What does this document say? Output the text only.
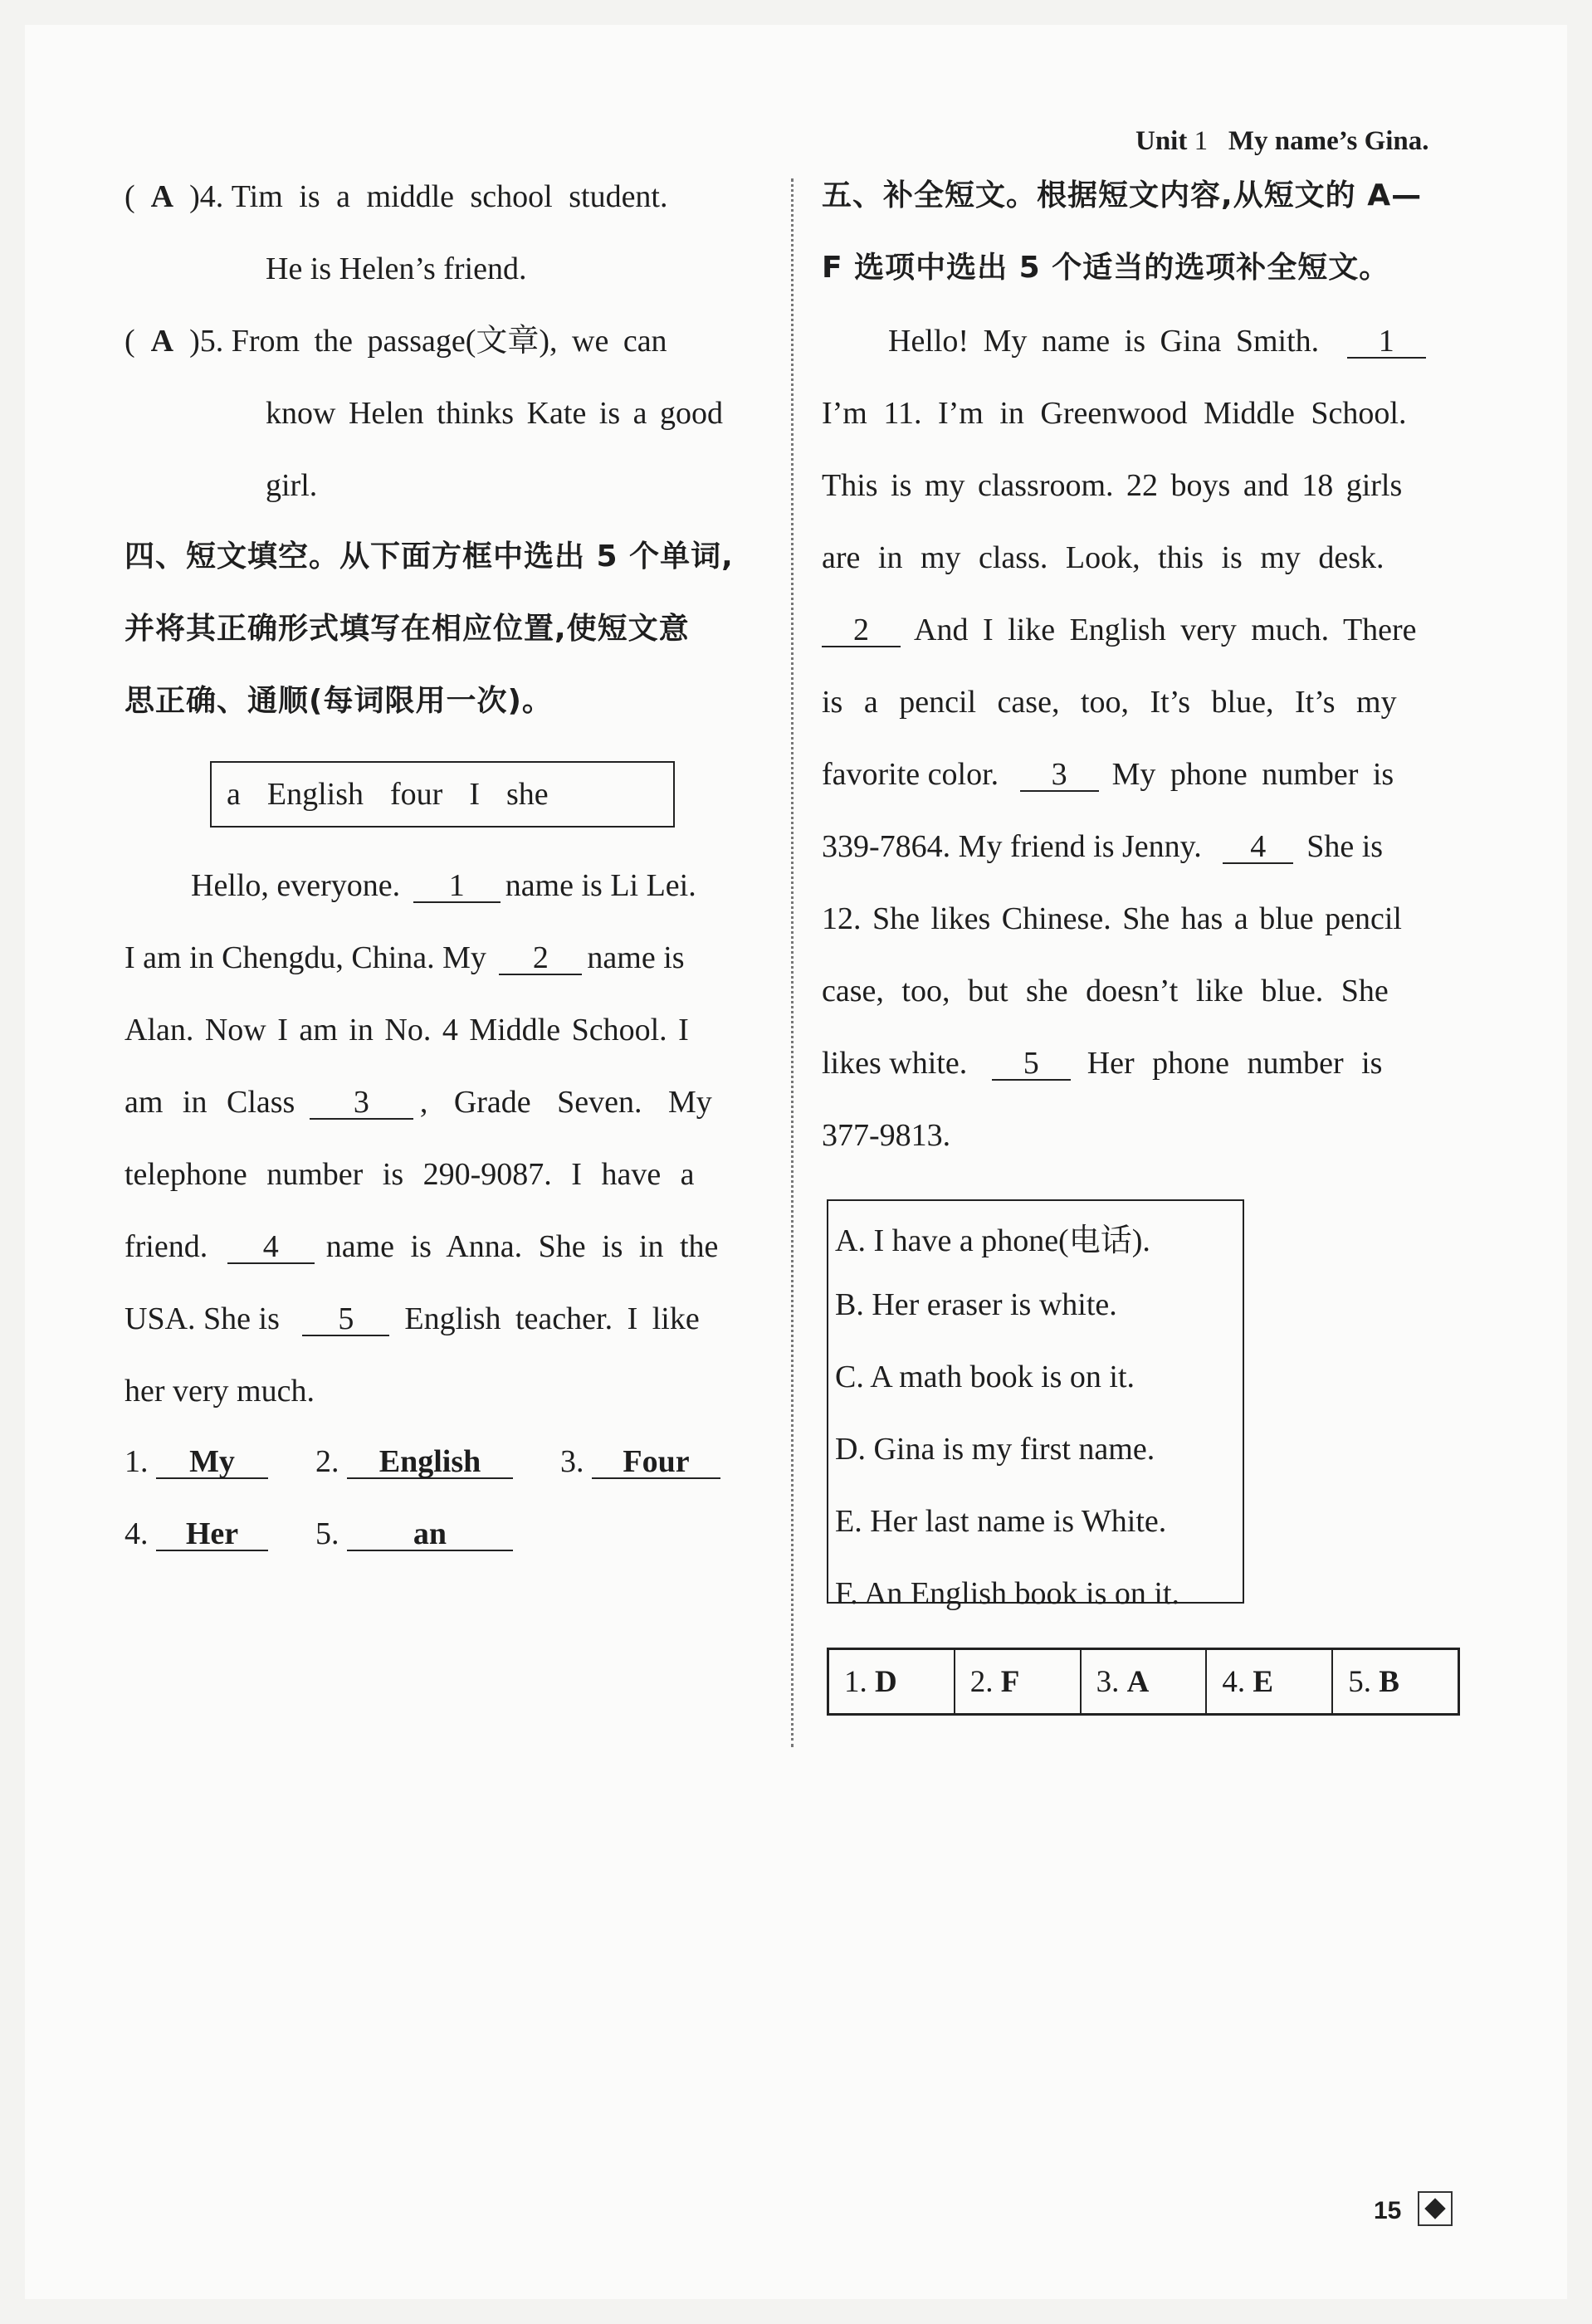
Unit 1 My name’s Gina.
(  A  )4. Tim is a middle school student.
He is Helen’s friend.
(  A  )5. From the passage(文章), we can
know Helen thinks Kate is a good
girl.
四、短文填空。从下面方框中选出 5 个单词,
并将其正确形式填写在相应位置,使短文意
思正确、通顺(每词限用一次)。
a English four I she
Hello, everyone. 1 name is Li Lei.
I am in Chengdu, China. My 2 name is
Alan. Now I am in No. 4 Middle School. I
am in Class 3 , Grade Seven. My
telephone number is 290-9087. I have a
friend. 4 name is Anna. She is in the
USA. She is 5 English teacher. I like
her very much.
1. My	2. English	3. Four
4. Her 5. an
五、补全短文。根据短文内容,从短文的 A—
F 选项中选出 5 个适当的选项补全短文。
Hello! My name is Gina Smith. 1
I’m 11. I’m in Greenwood Middle School.
This is my classroom. 22 boys and 18 girls
are in my class. Look, this is my desk.
2 And I like English very much. There
is a pencil case, too, It’s blue, It’s my
favorite color. 3 My phone number is
339-7864. My friend is Jenny. 4 She is
12. She likes Chinese. She has a blue pencil
case, too, but she doesn’t like blue. She
likes white. 5 Her phone number is
377-9813.
A. I have a phone(电话).
B. Her eraser is white.
C. A math book is on it.
D. Gina is my first name.
E. Her last name is White.
F. An English book is on it.
1.
D 2.
F 3.
A 4.
E 5.
B
15
